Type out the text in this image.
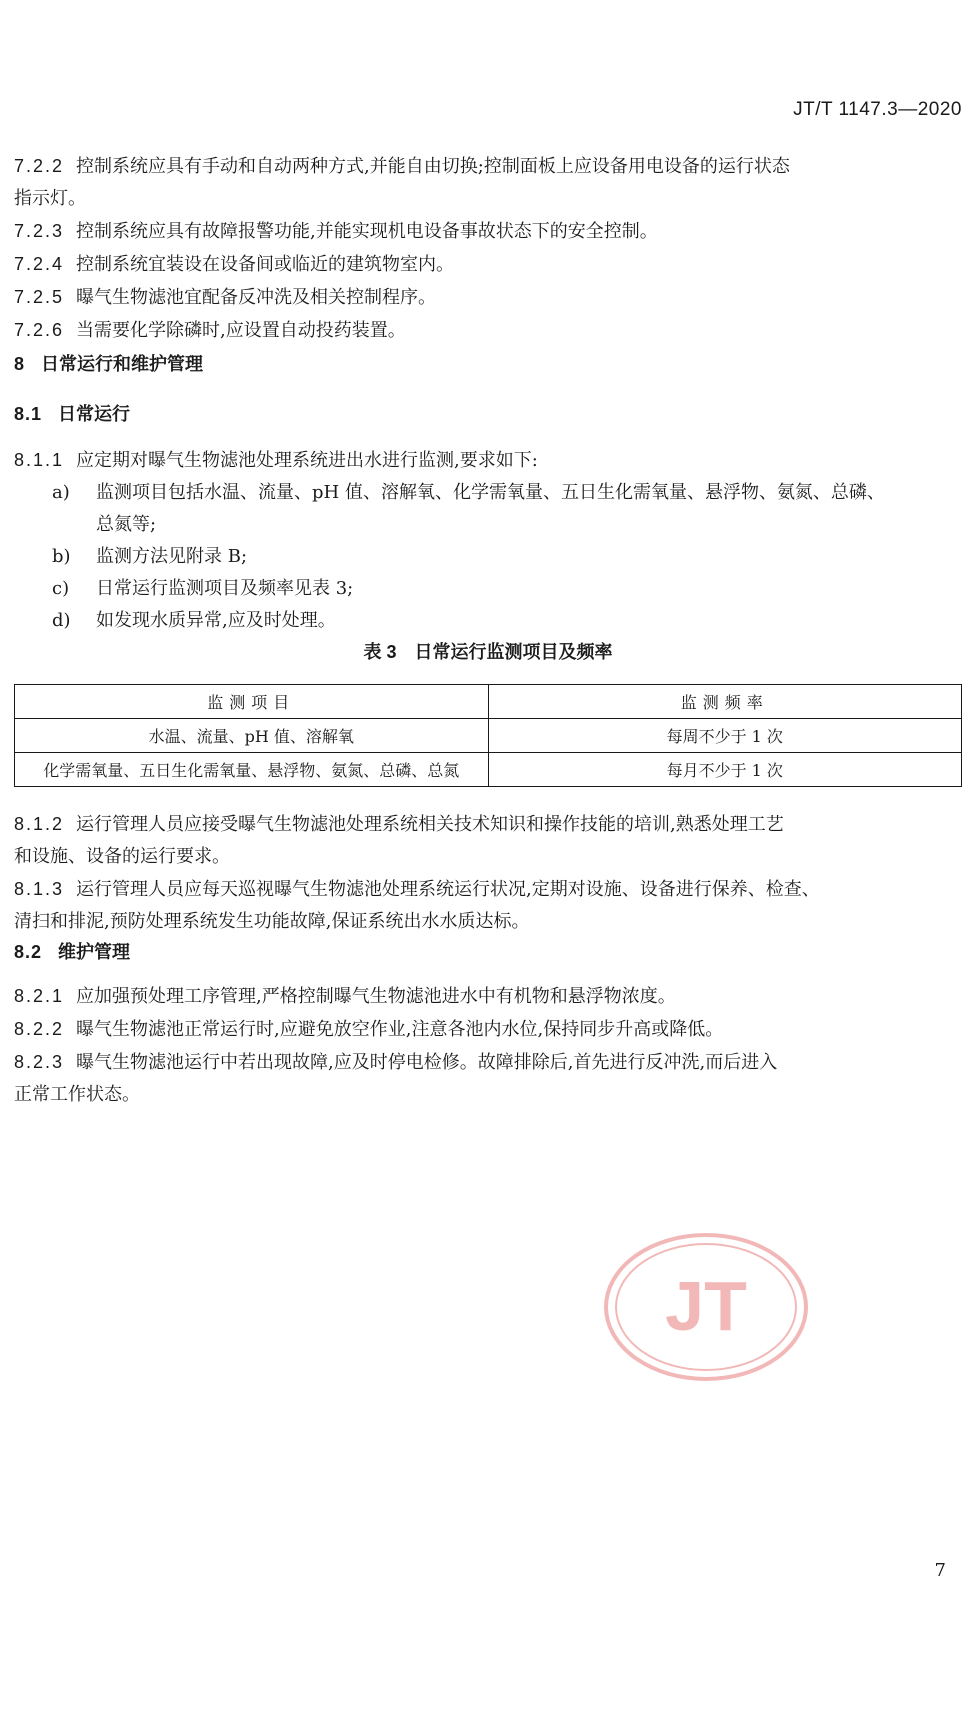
JT/T 1147.3—2020

7.2.2 控制系统应具有手动和自动两种方式,并能自由切换;控制面板上应设备用电设备的运行状态

指示灯。

7.2.3 控制系统应具有故障报警功能,并能实现机电设备事故状态下的安全控制。

7.2.4 控制系统宜装设在设备间或临近的建筑物室内。

7.2.5 曝气生物滤池宜配备反冲洗及相关控制程序。

7.2.6 当需要化学除磷时,应设置自动投药装置。

8 日常运行和维护管理

8.1 日常运行

8.1.1 应定期对曝气生物滤池处理系统进出水进行监测,要求如下:

a) 监测项目包括水温、流量、pH 值、溶解氧、化学需氧量、五日生化需氧量、悬浮物、氨氮、总磷、

总氮等;

b) 监测方法见附录 B;

c) 日常运行监测项目及频率见表 3;

d) 如发现水质异常,应及时处理。

表 3　日常运行监测项目及频率

监测项目	监测频率
水温、流量、pH 值、溶解氧	每周不少于 1 次
化学需氧量、五日生化需氧量、悬浮物、氨氮、总磷、总氮	每月不少于 1 次

8.1.2 运行管理人员应接受曝气生物滤池处理系统相关技术知识和操作技能的培训,熟悉处理工艺

和设施、设备的运行要求。

8.1.3 运行管理人员应每天巡视曝气生物滤池处理系统运行状况,定期对设施、设备进行保养、检查、

清扫和排泥,预防处理系统发生功能故障,保证系统出水水质达标。

8.2 维护管理

8.2.1 应加强预处理工序管理,严格控制曝气生物滤池进水中有机物和悬浮物浓度。

8.2.2 曝气生物滤池正常运行时,应避免放空作业,注意各池内水位,保持同步升高或降低。

8.2.3 曝气生物滤池运行中若出现故障,应及时停电检修。故障排除后,首先进行反冲洗,而后进入

正常工作状态。

JT
7
